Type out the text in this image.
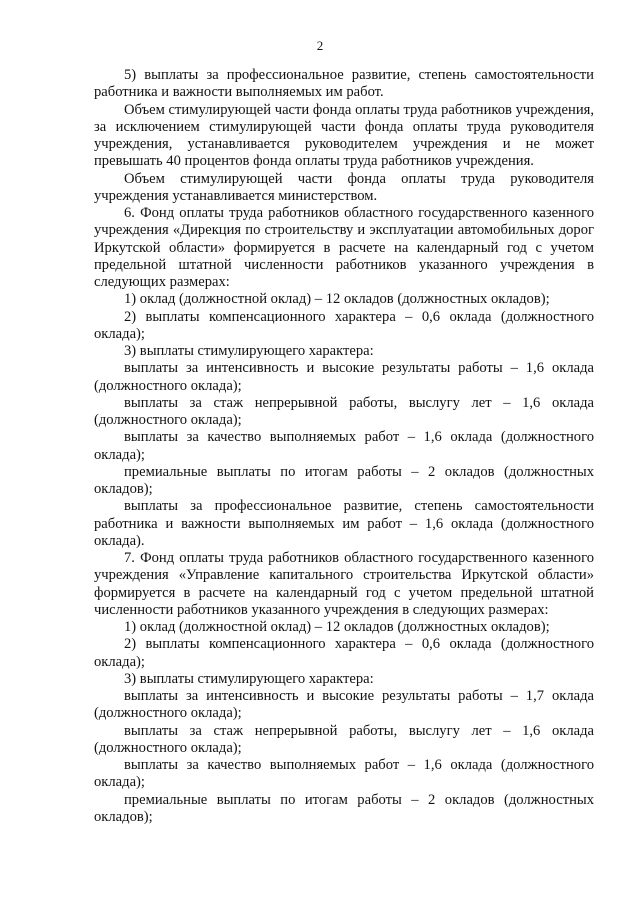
2

5) выплаты за профессиональное развитие, степень самостоятельности работника и важности выполняемых им работ.

Объем стимулирующей части фонда оплаты труда работников учреждения, за исключением стимулирующей части фонда оплаты труда руководителя учреждения, устанавливается руководителем учреждения и не может превышать 40 процентов фонда оплаты труда работников учреждения.

Объем стимулирующей части фонда оплаты труда руководителя учреждения устанавливается министерством.

6. Фонд оплаты труда работников областного государственного казенного учреждения «Дирекция по строительству и эксплуатации автомобильных дорог Иркутской области» формируется в расчете на календарный год с учетом предельной штатной численности работников указанного учреждения в следующих размерах:

1) оклад (должностной оклад) – 12 окладов (должностных окладов);

2) выплаты компенсационного характера – 0,6 оклада (должностного оклада);

3) выплаты стимулирующего характера:

выплаты за интенсивность и высокие результаты работы – 1,6 оклада (должностного оклада);

выплаты за стаж непрерывной работы, выслугу лет – 1,6 оклада (должностного оклада);

выплаты за качество выполняемых работ – 1,6 оклада (должностного оклада);

премиальные выплаты по итогам работы – 2 окладов (должностных окладов);

выплаты за профессиональное развитие, степень самостоятельности работника и важности выполняемых им работ – 1,6 оклада (должностного оклада).

7. Фонд оплаты труда работников областного государственного казенного учреждения «Управление капитального строительства Иркутской области» формируется в расчете на календарный год с учетом предельной штатной численности работников указанного учреждения в следующих размерах:

1) оклад (должностной оклад) – 12 окладов (должностных окладов);

2) выплаты компенсационного характера – 0,6 оклада (должностного оклада);

3) выплаты стимулирующего характера:

выплаты за интенсивность и высокие результаты работы – 1,7 оклада (должностного оклада);

выплаты за стаж непрерывной работы, выслугу лет – 1,6 оклада (должностного оклада);

выплаты за качество выполняемых работ – 1,6 оклада (должностного оклада);

премиальные выплаты по итогам работы – 2 окладов (должностных окладов);
